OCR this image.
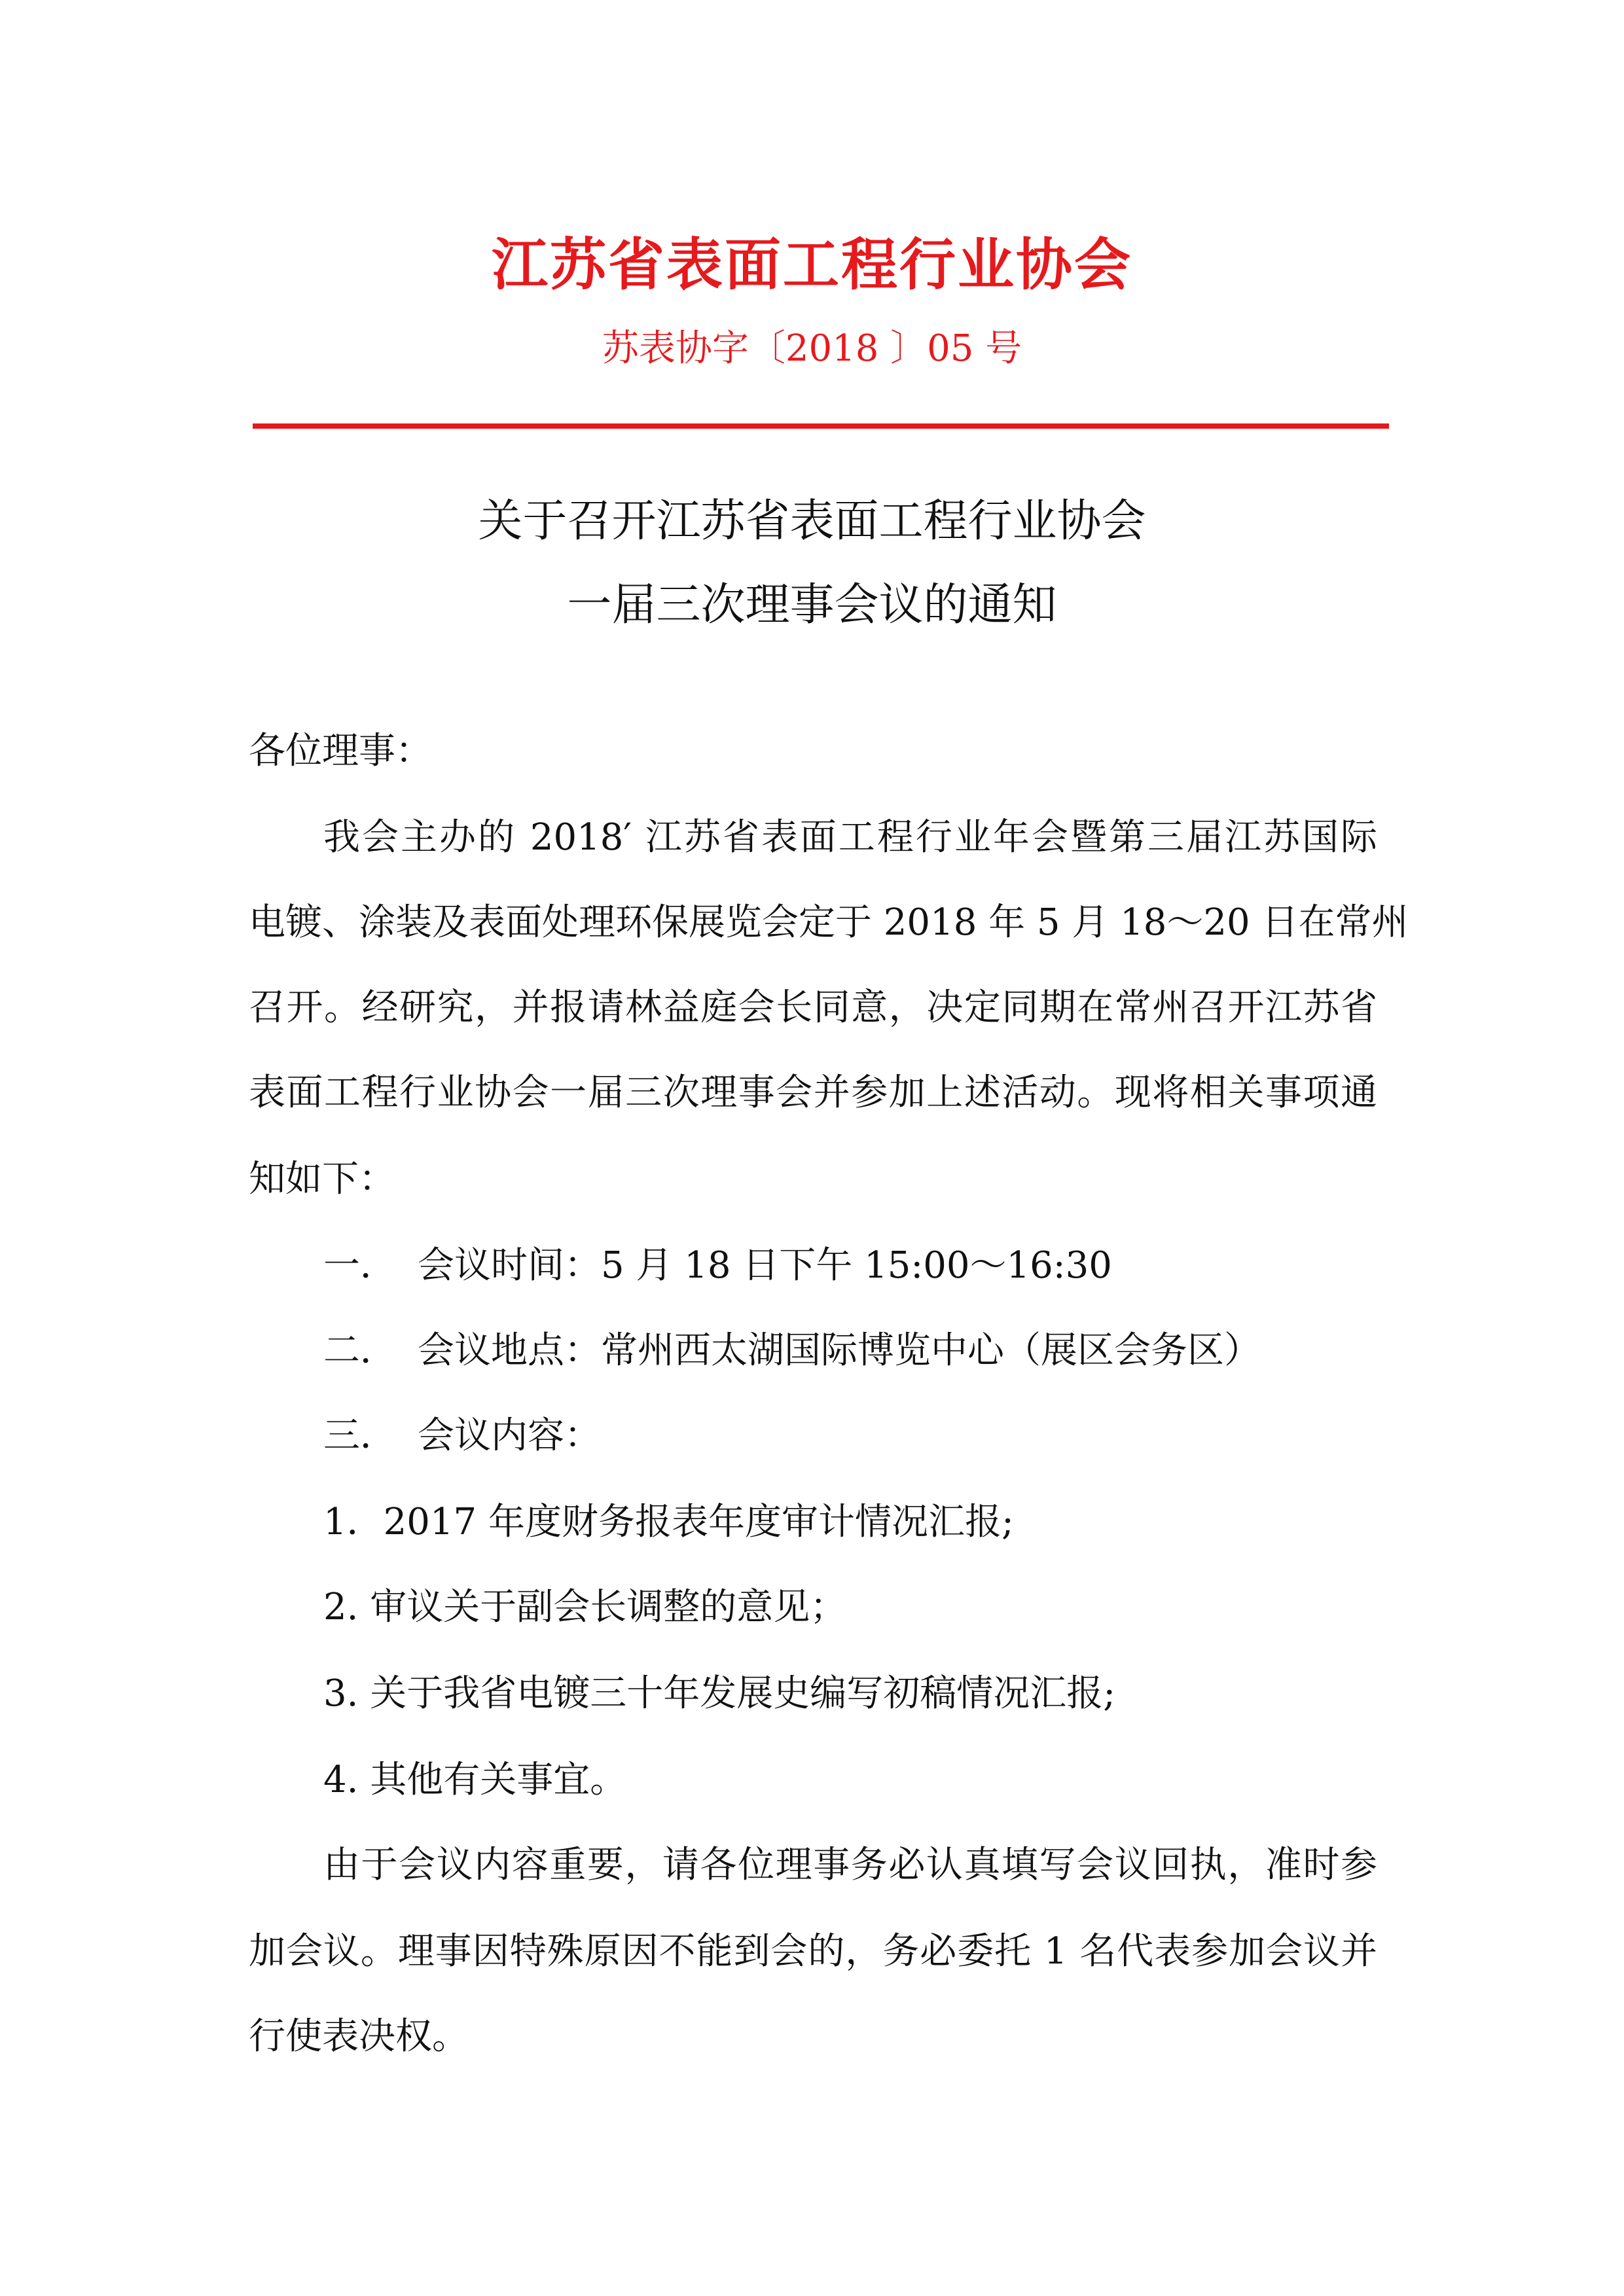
江苏省表面工程行业协会
苏表协字〔2018 〕05 号
关于召开江苏省表面工程行业协会
一届三次理事会议的通知
各位理事：
我会主办的 2018′ 江苏省表面工程行业年会暨第三届江苏国际
电镀、涂装及表面处理环保展览会定于 2018 年 5 月 18～20 日在常州
召开。经研究，并报请林益庭会长同意，决定同期在常州召开江苏省
表面工程行业协会一届三次理事会并参加上述活动。现将相关事项通
知如下：
一． 会议时间：5 月 18 日下午 15:00～16:30
二． 会议地点：常州西太湖国际博览中心（展区会务区）
三． 会议内容：
1．2017 年度财务报表年度审计情况汇报;
2. 审议关于副会长调整的意见；
3. 关于我省电镀三十年发展史编写初稿情况汇报;
4. 其他有关事宜。
由于会议内容重要，请各位理事务必认真填写会议回执，准时参
加会议。理事因特殊原因不能到会的，务必委托 1 名代表参加会议并
行使表决权。
